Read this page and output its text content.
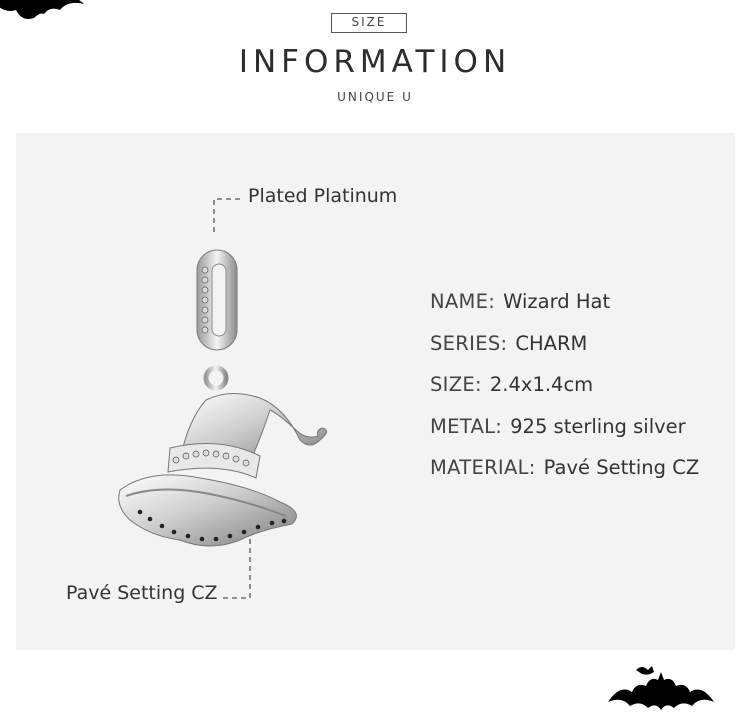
SIZE
INFORMATION
UNIQUE U
Plated Platinum
Pavé Setting CZ
NAME: Wizard Hat
SERIES: CHARM
SIZE: 2.4x1.4cm
METAL: 925 sterling silver
MATERIAL: Pavé Setting CZ
